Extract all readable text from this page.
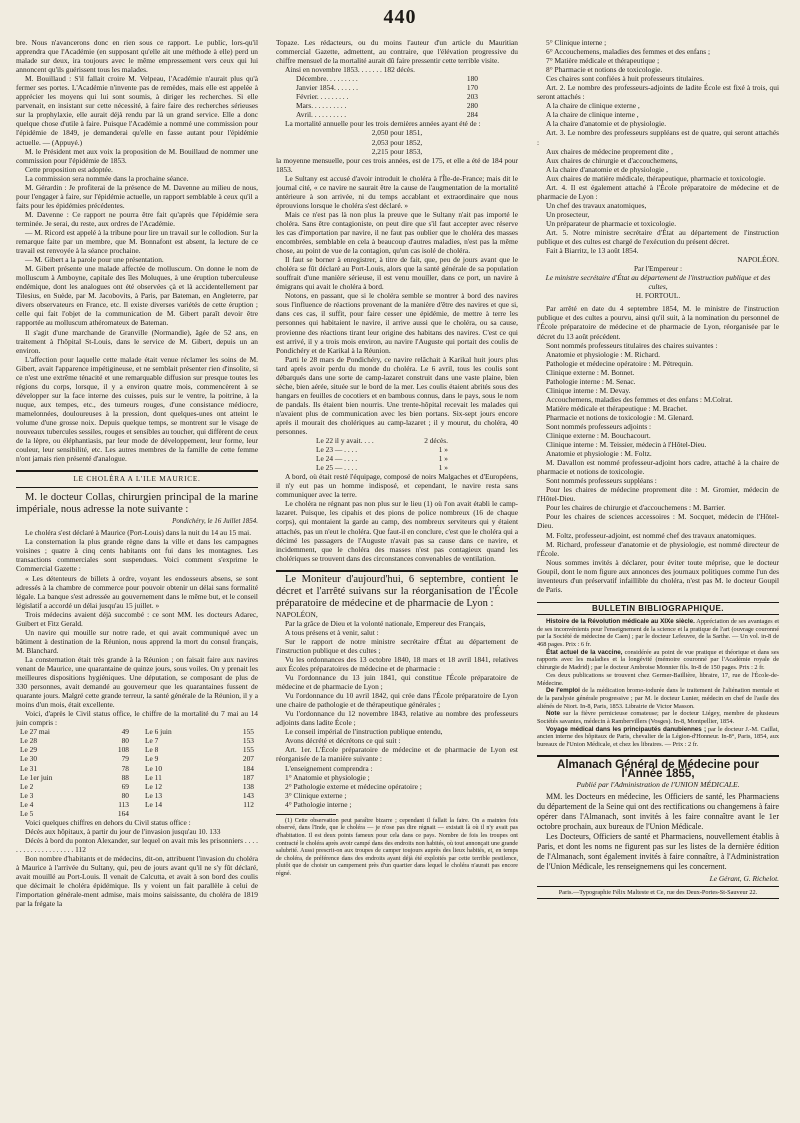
440

bre. Nous n'avancerons donc en rien sous ce rapport. Le public, lors-qu'il apprendra que l'Académie (en supposant qu'elle ait une méthode à elle) perd un malade sur deux, ira toujours avec le même empressement vers ceux qui lui annoncent qu'ils guérissent tous les malades.

M. Bouillaud : S'il fallait croire M. Velpeau, l'Académie n'aurait plus qu'à fermer ses portes. L'Académie n'invente pas de remèdes, mais elle est appelée à apprécier les moyens qui lui sont soumis, à diriger les recherches. Si elle parvenait, en insistant sur cette nécessité, à faire faire des recherches sérieuses sur la prophylaxie, elle aurait déjà rendu par là un grand service. Elle a donc quelque chose d'utile à faire. Puisque l'Académie a nommé une commission pour l'épidémie de 1849, je demanderai qu'elle en fasse autant pour l'épidémie actuelle. — (Appuyé.)

M. le Président met aux voix la proposition de M. Bouillaud de nommer une commission pour l'épidémie de 1853.

Cette proposition est adoptée.

La commission sera nommée dans la prochaine séance.

M. Gérardin : Je profiterai de la présence de M. Davenne au milieu de nous, pour l'engager à faire, sur l'épidémie actuelle, un rapport semblable à ceux qu'il a faits pour les épidémies précédentes.

M. Davenne : Ce rapport ne pourra être fait qu'après que l'épidémie sera terminée. Je serai, du reste, aux ordres de l'Académie.

— M. Ricord est appelé à la tribune pour lire un travail sur le collodion. Sur la remarque faite par un membre, que M. Bonnafont est absent, la lecture de ce travail est renvoyée à la séance prochaine.

— M. Gibert a la parole pour une présentation.

M. Gibert présente une malade affectée de molluscum. On donne le nom de molluscum à Amboyne, capitale des îles Moluques, à une éruption tuberculeuse endémique, dont les analogues ont été observées çà et là accidentellement par Tilesius, en Suède, par M. Jacobovits, à Paris, par Bateman, en Angleterre, par divers observateurs en France, etc. Il existe diverses variétés de cette éruption ; celle qui fait l'objet de la communication de M. Gibert paraît devoir être rapportée au molluscum athéromateux de Bateman.

Il s'agit d'une marchande de Granville (Normandie), âgée de 52 ans, en traitement à l'hôpital St-Louis, dans le service de M. Gibert, depuis un an environ.

L'affection pour laquelle cette malade était venue réclamer les soins de M. Gibert, avait l'apparence impétigineuse, et ne semblait présenter rien d'insolite, si ce n'est une extrême ténacité et une remarquable diffusion sur presque toutes les régions du corps, lorsque, il y a environ quatre mois, commencèrent à se développer sur la face interne des cuisses, puis sur le ventre, la poitrine, à la nuque, aux tempes, etc., des tumeurs rouges, d'une consistance médiocre, mamelonnées, douloureuses à la pression, dont quelques-unes ont atteint le volume d'une grosse noix. Depuis quelque temps, se montrent sur le visage de nouveaux tubercules sessiles, rouges et sensibles au toucher, qui diffèrent de ceux de la lèpre, ou éléphantiasis, par leur mode de développement, leur forme, leur couleur, leur sensibilité, etc. Les autres membres de la famille de cette femme n'ont jamais rien présenté d'analogue.

LE CHOLÉRA A L'ILE MAURICE.

M. le docteur Collas, chirurgien principal de la marine impériale, nous adresse la note suivante :

Pondichéry, le 16 Juillet 1854.

Le choléra s'est déclaré à Maurice (Port-Louis) dans la nuit du 14 au 15 mai.

La consternation la plus grande règne dans la ville et dans les campagnes voisines ; quatre à cinq cents habitants ont fui dans les montagnes. Les transactions commerciales sont suspendues. Voici comment s'exprime le Commercial Gazette :

« Les détenteurs de billets à ordre, voyant les endosseurs absens, se sont adressés à la chambre de commerce pour pouvoir obtenir un délai sans formalité légale. La banque s'est adressée au gouvernement dans le même but, et le conseil législatif a accordé un délai jusqu'au 15 juillet. »

Trois médecins avaient déjà succombé : ce sont MM. les docteurs Adarec, Guibert et Fitz Gerald.

Un navire qui mouille sur notre rade, et qui avait communiqué avec un bâtiment à destination de la Réunion, nous apprend la mort du consul français, M. Blanchard.

La consternation était très grande à la Réunion ; on faisait faire aux navires venant de Maurice, une quarantaine de quinze jours, sous voiles. On y prenait les meilleures dispositions hygiéniques. Une députation, se composant de plus de 330 personnes, avait demandé au gouverneur que les quarantaines fussent de quarante jours. Malgré cette grande terreur, la santé générale de la Réunion, il y a moins d'un mois, était excellente.

Voici, d'après le Civil status office, le chiffre de la mortalité du 7 mai au 14 juin compris :

Le 27 mai	49 Le 6 juin	155
Le 28	80 Le 7	153
Le 29	108 Le 8	155
Le 30	79 Le 9	207
Le 31	78 Le 10	184
Le 1er juin	88 Le 11	187
Le 2	69 Le 12	138
Le 3	80 Le 13	143
Le 4	113 Le 14	112
Le 5	164

Voici quelques chiffres en dehors du Civil status office :

Décès aux hôpitaux, à partir du jour de l'invasion jusqu'au 10. 133

Décès à bord du ponton Alexander, sur lequel on avait mis les prisonniers . . . . . . . . . . . . . . . . . . . . 112

Bon nombre d'habitants et de médecins, dit-on, attribuent l'invasion du choléra à Maurice à l'arrivée du Sultany, qui, peu de jours avant qu'il ne s'y fût déclaré, avait mouillé au Port-Louis. Il venait de Calcutta, et avait à son bord des coulis que décimait le choléra épidémique. Ils y voient un fait parallèle à celui de l'importation générale-ment admise, mais moins saisissante, du choléra de 1819 par la frégate la

Topaze. Les rédacteurs, ou du moins l'auteur d'un article du Mauritian commercial Gazette, admettent, au contraire, que l'élévation progressive du chiffre mensuel de la mortalité aurait dû faire pressentir cette terrible visite.

Ainsi en novembre 1853. . . . . . . 182 décès.

Décembre. . . . . . . . .	180
Janvier 1854. . . . . . .	170
Février. . . . . . . . .	203
Mars. . . . . . . . . .	280
Avril. . . . . . . . . .	284

La mortalité annuelle pour les trois dernières années ayant été de :

2,050 pour 1851,
2,053 pour 1852,
2,215 pour 1853,

la moyenne mensuelle, pour ces trois années, est de 175, et elle a été de 184 pour 1853.

Le Sultany est accusé d'avoir introduit le choléra à l'Île-de-France; mais dit le journal cité, « ce navire ne saurait être la cause de l'augmentation de la mortalité antérieure à son arrivée, ni du temps accablant et extraordinaire que nous éprouvions lorsque le choléra s'est déclaré. »

Mais ce n'est pas là non plus la preuve que le Sultany n'ait pas importé le choléra. Sans être contagioniste, on peut dire que s'il faut accepter avec réserve les cas d'importation par navire, il ne faut pas oublier que le choléra des masses encombrées, semblable en cela à beaucoup d'autres maladies, n'est pas la même chose, au point de vue de la contagion, qu'un cas isolé de choléra.

Il faut se borner à enregistrer, à titre de fait, que, peu de jours avant que le choléra se fût déclaré au Port-Louis, alors que la santé générale de sa population souffrait d'une manière sérieuse, il est venu mouiller, dans ce port, un navire à émigrans qui avait le choléra à bord.

Notons, en passant, que si le choléra semble se montrer à bord des navires sous l'influence de réactions provenant de la manière d'être des navires et que si, dans ces cas, il suffit, pour faire cesser une épidémie, de mettre à terre les personnes qui habitaient le navire, il arrive aussi que le choléra, ou sa cause, provienne des réactions tirant leur origine des habitans des navires. C'est ce qui est arrivé, il y a trois mois environ, au navire l'Auguste qui portait des coulis de Pondichéry et de Karikal à la Réunion.

Parti le 28 mars de Pondichéry, ce navire relâchait à Karikal huit jours plus tard après avoir perdu du monde du choléra. Le 6 avril, tous les coulis sont débarqués dans une sorte de camp-lazaret construit dans une vaste plaine, bien sèche, bien aérée, située sur le bord de la mer. Les coulis étaient abrités sous des hangars en feuilles de cocotiers et en bambous connus, dans le pays, sous le nom de pandals. Ils étaient bien nourris. Une trente-hôpital recevait les malades qui n'avaient plus de communication avec les bien portans. Six-sept jours encore après il mourait des cholériques au camp-lazaret ; il y mourut, du choléra, 40 personnes.

Le 22 il y avait. . . .	2 décès.
Le 23 — . . . .	1 »
Le 24 — . . . .	1 »
Le 25 — . . . .	1 »

A bord, où était resté l'équipage, composé de noirs Malgaches et d'Européens, il n'y eut pas un homme indisposé, et cependant, le navire resta sans communiquer avec la terre.

Le choléra ne régnant pas non plus sur le lieu (1) où l'on avait établi le camp-lazaret. Puisque, les cipahis et des pions de police nombreux (16 de chaque corps), qui montaient la garde au camp, des nombreux serviteurs qui y étaient attachés, pas un n'eut le choléra. Que faut-il en conclure, c'est que le choléra qui a décimé les passagers de l'Auguste n'avait pas sa cause dans ce navire, et incidemment, que le choléra des masses n'est pas contagieux quand les cholériques se trouvent dans des circonstances convenables de ventilation.

Le Moniteur d'aujourd'hui, 6 septembre, contient le décret et l'arrêté suivans sur la réorganisation de l'École préparatoire de médecine et de pharmacie de Lyon :

NAPOLÉON,

Par la grâce de Dieu et la volonté nationale, Empereur des Français,

A tous présens et à venir, salut :

Sur le rapport de notre ministre secrétaire d'État au département de l'instruction publique et des cultes ;

Vu les ordonnances des 13 octobre 1840, 18 mars et 18 avril 1841, relatives aux Écoles préparatoires de médecine et de pharmacie :

Vu l'ordonnance du 13 juin 1841, qui constitue l'École préparatoire de médecine et de pharmacie de Lyon ;

Vu l'ordonnance du 10 avril 1842, qui crée dans l'École préparatoire de Lyon une chaire de pathologie et de thérapeutique générales ;

Vu l'ordonnance du 12 novembre 1843, relative au nombre des professeurs adjoints dans ladite École ;

Le conseil impérial de l'instruction publique entendu,

Avons décrété et décrétons ce qui suit :

Art. 1er. L'École préparatoire de médecine et de pharmacie de Lyon est réorganisée de la manière suivante :

L'enseignement comprendra :

1° Anatomie et physiologie ;

2° Pathologie externe et médecine opératoire ;

3° Clinique externe ;

4° Pathologie interne ;

(1) Cette observation peut paraître bizarre ; cependant il fallait la faire. On a maintes fois observé, dans l'Inde, que le choléra — je n'ose pas dire régnait — existait là où il n'y avait pas d'habitation. Il est deux points fameux pour cela dans ce pays. Nombre de fois les troupes ont contracté le choléra après avoir campé dans des endroits non habités, où tout annonçait une grande salubrité. Aussi prescrit-on aux troupes de camper toujours auprès des lieux habités, et, en temps de choléra, de préférence dans des endroits ayant déjà été exploités par cette terrible pestilence, plutôt que de choisir un campement près d'un quartier dans lequel le choléra n'aurait pas encore régné.

5° Clinique interne ;

6° Accouchemens, maladies des femmes et des enfans ;

7° Matière médicale et thérapeutique ;

8° Pharmacie et notions de toxicologie.

Ces chaires sont confiées à huit professeurs titulaires.

Art. 2. Le nombre des professeurs-adjoints de ladite École est fixé à trois, qui seront attachés :

A la chaire de clinique externe ,

A la chaire de clinique interne ,

A la chaire d'anatomie et de physiologie.

Art. 3. Le nombre des professeurs suppléans est de quatre, qui seront attachés :

Aux chaires de médecine proprement dite ,

Aux chaires de chirurgie et d'accouchemens,

A la chaire d'anatomie et de physiologie ,

Aux chaires de matière médicale, thérapeutique, pharmacie et toxicologie.

Art. 4. Il est également attaché à l'École préparatoire de médecine et de pharmacie de Lyon :

Un chef des travaux anatomiques,

Un prosecteur,

Un préparateur de pharmacie et toxicologie.

Art. 5. Notre ministre secrétaire d'État au département de l'instruction publique et des cultes est chargé de l'exécution du présent décret.

Fait à Biarritz, le 13 août 1854.

NAPOLÉON.
Par l'Empereur :
Le ministre secrétaire d'État au département de l'instruction publique et des cultes,
H. FORTOUL.

Par arrêté en date du 4 septembre 1854, M. le ministre de l'instruction publique et des cultes a pourvu, ainsi qu'il suit, à la nomination du personnel de l'École préparatoire de médecine et de pharmacie de Lyon, réorganisée par le décret du 13 août précédent.

Sont nommés professeurs titulaires des chaires suivantes :

Anatomie et physiologie : M. Richard.

Pathologie et médecine opératoire : M. Pétrequin.

Clinique externe : M. Bonnet.

Pathologie interne : M. Senac.

Clinique interne : M. Devay.

Accouchemens, maladies des femmes et des enfans : M.Colrat.

Matière médicale et thérapeutique : M. Brachet.

Pharmacie et notions de toxicologie : M. Glenard.

Sont nommés professeurs adjoints :

Clinique externe : M. Bouchacourt.

Clinique interne : M. Teissier, médecin à l'Hôtel-Dieu.

Anatomie et physiologie : M. Foltz.

M. Davallon est nommé professeur-adjoint hors cadre, attaché à la chaire de pharmacie et notions de toxicologie.

Sont nommés professeurs suppléans :

Pour les chaires de médecine proprement dite : M. Gromier, médecin de l'Hôtel-Dieu.

Pour les chaires de chirurgie et d'accouchemens : M. Barrier.

Pour les chaires de sciences accessoires : M. Socquet, médecin de l'Hôtel-Dieu.

M. Foltz, professeur-adjoint, est nommé chef des travaux anatomiques.

M. Richard, professeur d'anatomie et de physiologie, est nommé directeur de l'École.

Nous sommes invités à déclarer, pour éviter toute méprise, que le docteur Goupil, dont le nom figure aux annonces des journaux politiques comme l'un des inventeurs d'un préservatif infaillible du choléra, n'est pas M. le docteur Goupil de Paris.

BULLETIN BIBLIOGRAPHIQUE.

Histoire de la Révolution médicale au XIXe siècle. Appréciation de ses avantages et de ses inconvénients pour l'enseignement de la science et la pratique de l'art (ouvrage couronné par la Société de médecine de Caen) ; par le docteur Lefeuvre, de la Sarthe. — Un vol. in-8 de 468 pages. Prix : 6 fr.

État actuel de la vaccine, considérée au point de vue pratique et théorique et dans ses rapports avec les maladies et la longévité (mémoire couronné par l'Académie royale de chirurgie de Madrid) ; par le docteur Ambroise Monnier fils. In-8 de 150 pages. Prix : 2 fr.

Ces deux publications se trouvent chez Germer-Baillière, libraire, 17, rue de l'École-de-Médecine.

De l'emploi de la médication bromo-iodurée dans le traitement de l'aliénation mentale et de la paralysie générale progressive ; par M. le docteur Lunier, médecin en chef de l'asile des aliénés de Niort. In-8, Paris, 1853. Librairie de Victor Masson.

Note sur la fièvre pernicieuse comateuse; par le docteur Liégey, membre de plusieurs Sociétés savantes, médecin à Rambervillers (Vosges). In-8, Montpellier, 1854.

Voyage médical dans les principautés danubiennes ; par le docteur J.-M. Caillat, ancien interne des hôpitaux de Paris, chevalier de la Légion-d'Honneur. In-8°, Paris, 1854, aux bureaux de l'Union Médicale, et chez les libraires. — Prix : 2 fr.

Almanach Général de Médecine pour l'Année 1855,
Publié par l'Administration de l'UNION MÉDICALE.

MM. les Docteurs en médecine, les Officiers de santé, les Pharmaciens du département de la Seine qui ont des rectifications ou changemens à faire opérer dans l'Almanach, sont invités à les faire connaître avant le 1er octobre prochain, aux bureaux de l'Union Médicale.

Les Docteurs, Officiers de santé et Pharmaciens, nouvellement établis à Paris, et dont les noms ne figurent pas sur les listes de la dernière édition de l'Almanach, sont également invités à faire connaître, à l'Administration de l'Union Médicale, les renseignemens qui les concernent.

Le Gérant, G. Richelot.
Paris.—Typographie Félix Malteste et Ce, rue des Deux-Portes-St-Sauveur 22.
